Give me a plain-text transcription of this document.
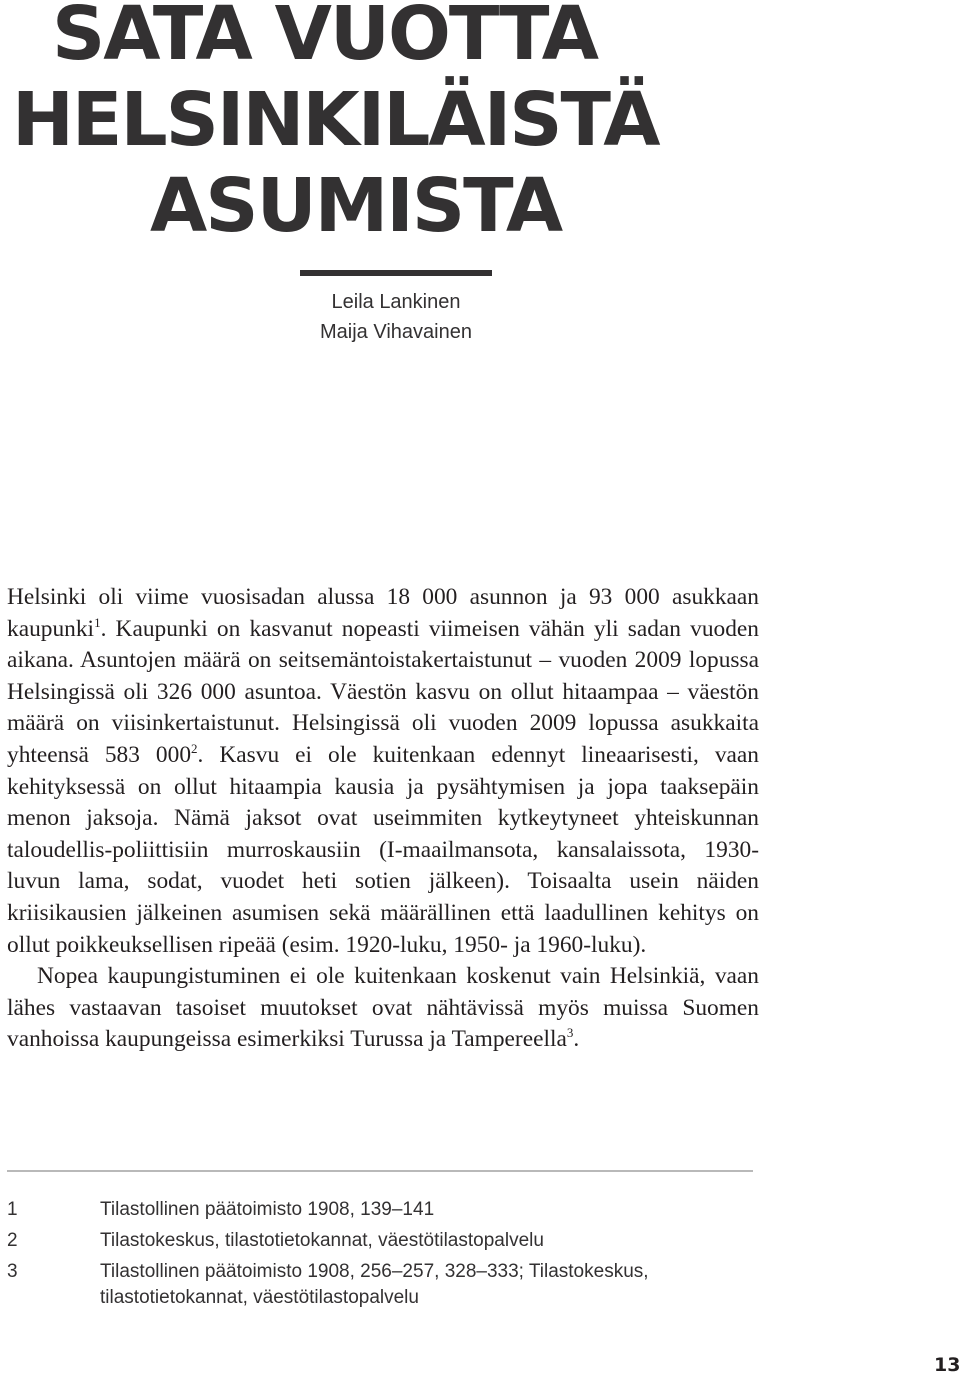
SATA VUOTTA
HELSINKILÄISTÄ
ASUMISTA
Leila Lankinen
Maija Vihavainen

Helsinki oli viime vuosisadan alussa 18 000 asunnon ja 93 000 asukkaan kaupunki$^1$. Kaupunki on kasvanut nopeasti viimeisen vähän yli sadan vuoden aikana. Asuntojen määrä on seitsemäntoistakertaistunut – vuoden 2009 lopussa Helsingissä oli 326 000 asuntoa. Väestön kasvu on ollut hitaampaa – väestön määrä on viisinkertaistunut. Helsingissä oli vuoden 2009 lopussa asukkaita yhteensä 583 $000^2$. Kasvu ei ole kuitenkaan edennyt lineaarisesti, vaan kehityksessä on ollut hitaampia kausia ja pysähtymisen ja jopa taaksepäin menon jaksoja. Nämä jaksot ovat useimmiten kytkeytyneet yhteiskunnan taloudellis-poliittisiin murroskausiin (I-maailmansota, kansalaissota, 1930-luvun lama, sodat, vuodet heti sotien jälkeen). Toisaalta usein näiden kriisikausien jälkeinen asumisen sekä määrällinen että laadullinen kehitys on ollut poikkeuksellisen ripeää (esim. 1920-luku, 1950- ja 1960-luku).

Nopea kaupungistuminen ei ole kuitenkaan koskenut vain Helsinkiä, vaan lähes vastaavan tasoiset muutokset ovat nähtävissä myös muissa Suomen vanhoissa kaupungeissa esimerkiksi Turussa ja Tampereella$^3$.

1	Tilastollinen päätoimisto 1908, 139–141
2	Tilastokeskus, tilastotietokannat, väestötilastopalvelu
3	Tilastollinen päätoimisto 1908, 256–257, 328–333; Tilastokeskus, tilastotietokannat, väestötilastopalvelu
13
